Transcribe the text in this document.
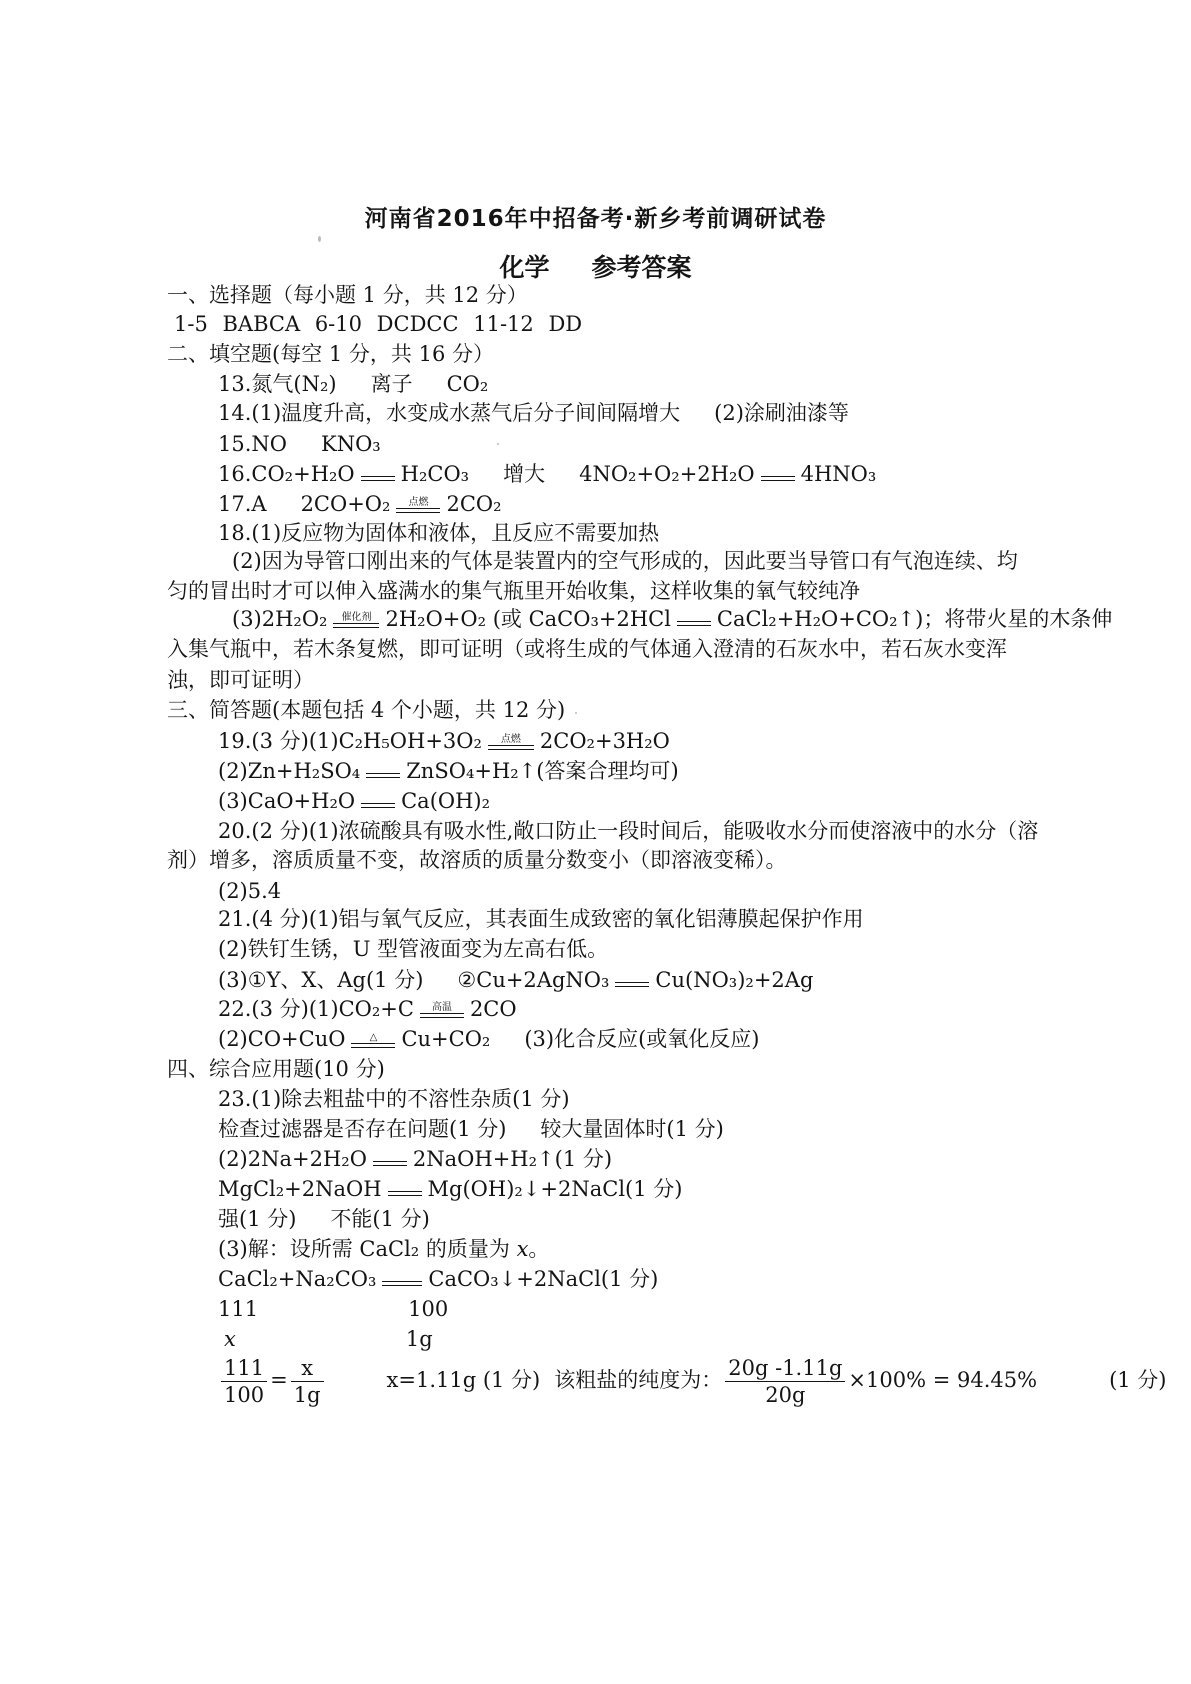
河南省2016年中招备考·新乡考前调研试卷
化学 参考答案
一、选择题（每小题 1 分，共 12 分）
1-5 BABCA 6-10 DCDCC 11-12 DD
二、填空题(每空 1 分，共 16 分）
13.氮气(N₂) 离子 CO₂
14.(1)温度升高，水变成水蒸气后分子间间隔增大 (2)涂刷油漆等
15.NO KNO₃
16.CO₂+H₂O H₂CO₃ 增大 4NO₂+O₂+2H₂O 4HNO₃
17.A 2CO+O₂	点燃 2CO₂
18.(1)反应物为固体和液体，且反应不需要加热
(2)因为导管口刚出来的气体是装置内的空气形成的，因此要当导管口有气泡连续、均
匀的冒出时才可以伸入盛满水的集气瓶里开始收集，这样收集的氧气较纯净
(3)2H₂O₂	催化剂 2H₂O+O₂ (或 CaCO₃+2HCl CaCl₂+H₂O+CO₂↑)；将带火星的木条伸
入集气瓶中，若木条复燃，即可证明（或将生成的气体通入澄清的石灰水中，若石灰水变浑
浊，即可证明）
三、简答题(本题包括 4 个小题，共 12 分)
19.(3 分)(1)C₂H₅OH+3O₂	点燃 2CO₂+3H₂O
(2)Zn+H₂SO₄ ZnSO₄+H₂↑(答案合理均可)
(3)CaO+H₂O Ca(OH)₂
20.(2 分)(1)浓硫酸具有吸水性,敞口防止一段时间后，能吸收水分而使溶液中的水分（溶
剂）增多，溶质质量不变，故溶质的质量分数变小（即溶液变稀）。
(2)5.4
21.(4 分)(1)铝与氧气反应，其表面生成致密的氧化铝薄膜起保护作用
(2)铁钉生锈，U 型管液面变为左高右低。
(3)①Y、X、Ag(1 分) ②Cu+2AgNO₃ Cu(NO₃)₂+2Ag
22.(3 分)(1)CO₂+C	高温 2CO
(2)CO+CuO	△	Cu+CO₂ (3)化合反应(或氧化反应)
四、综合应用题(10 分)
23.(1)除去粗盐中的不溶性杂质(1 分)
检查过滤器是否存在问题(1 分) 较大量固体时(1 分)
(2)2Na+2H₂O 2NaOH+H₂↑(1 分)
MgCl₂+2NaOH Mg(OH)₂↓+2NaCl(1 分)
强(1 分) 不能(1 分)
(3)解：设所需 CaCl₂ 的质量为 x。
CaCl₂+Na₂CO₃ CaCO₃↓+2NaCl(1 分)
111	100
x	1g
$\frac{111}{100} = \frac{x}{1g}$	x=1.11g (1 分) 该粗盐的纯度为： $\frac{20g -1.11g}{20g} \times 100\% = 94.45\%$	(1 分)
